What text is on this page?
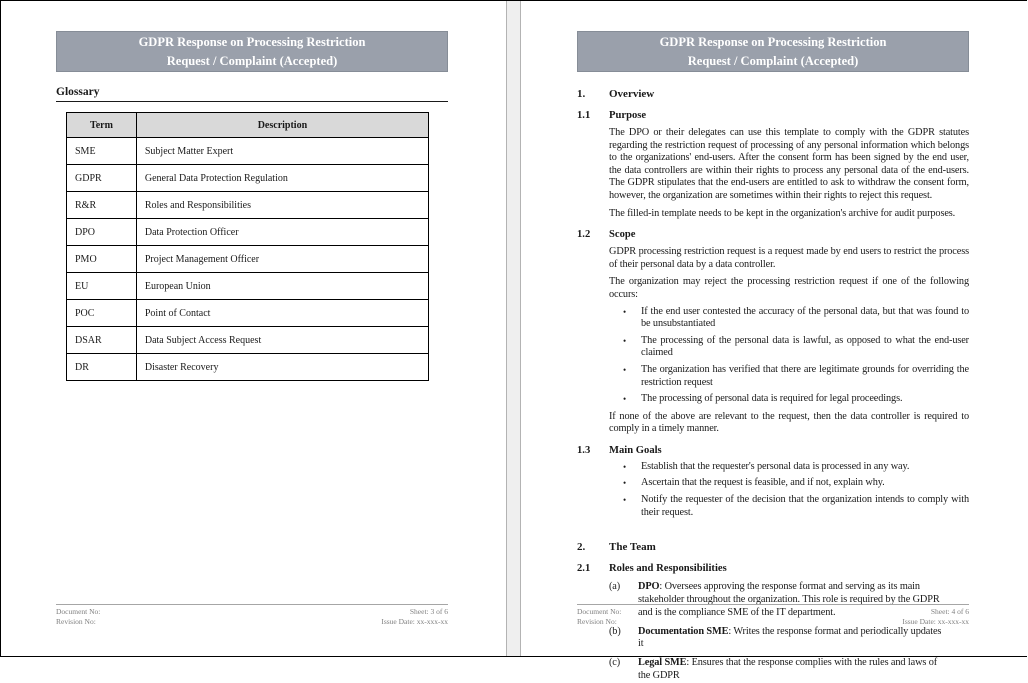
GDPR Response on Processing Restriction
Request / Complaint (Accepted)
Glossary
Term	Description
SME	Subject Matter Expert
GDPR	General Data Protection Regulation
R&R	Roles and Responsibilities
DPO	Data Protection Officer
PMO	Project Management Officer
EU	European Union
POC	Point of Contact
DSAR	Data Subject Access Request
DR	Disaster Recovery
Document No:
Revision No:
Sheet: 3 of 6
Issue Date: xx-xxx-xx
GDPR Response on Processing Restriction
Request / Complaint (Accepted)
1.	Overview
1.1	Purpose
The DPO or their delegates can use this template to comply with the GDPR statutes regarding the restriction request of processing of any personal information which belongs to the organizations' end-users. After the consent form has been signed by the end user, the data controllers are within their rights to process any personal data of the end-users. The GDPR stipulates that the end-users are entitled to ask to withdraw the consent form, however, the organization are sometimes within their rights to reject this request.
The filled-in template needs to be kept in the organization's archive for audit purposes.
1.2	Scope
GDPR processing restriction request is a request made by end users to restrict the process of their personal data by a data controller.
The organization may reject the processing restriction request if one of the following occurs:
•	If the end user contested the accuracy of the personal data, but that was found to be unsubstantiated
•	The processing of the personal data is lawful, as opposed to what the end-user claimed
•	The organization has verified that there are legitimate grounds for overriding the restriction request
•	The processing of personal data is required for legal proceedings.
If none of the above are relevant to the request, then the data controller is required to comply in a timely manner.
1.3	Main Goals
•	Establish that the requester's personal data is processed in any way.
•	Ascertain that the request is feasible, and if not, explain why.
•	Notify the requester of the decision that the organization intends to comply with their request.
2.	The Team
2.1	Roles and Responsibilities
(a)	DPO: Oversees approving the response format and serving as its main stakeholder throughout the organization. This role is required by the GDPR and is the compliance SME of the IT department.
(b)	Documentation SME: Writes the response format and periodically updates it
(c)	Legal SME: Ensures that the response complies with the rules and laws of the GDPR
Document No:
Revision No:
Sheet: 4 of 6
Issue Date: xx-xxx-xx
